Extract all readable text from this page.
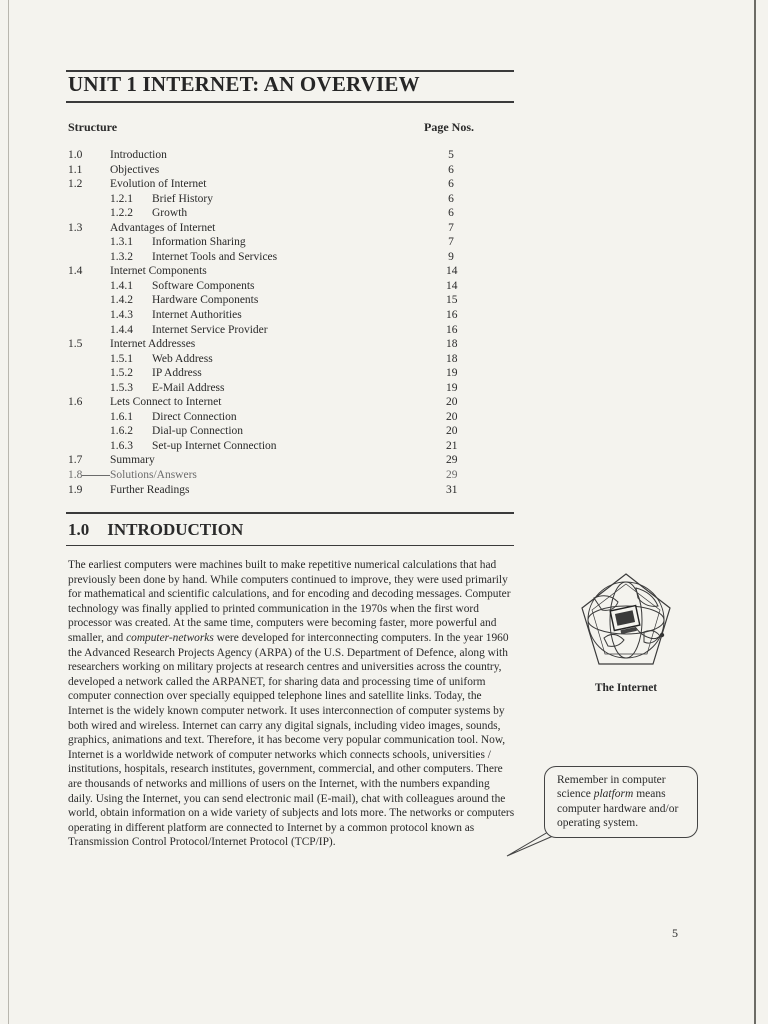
UNIT 1 INTERNET: AN OVERVIEW
Structure	Page Nos.
1.0 Introduction	5
1.1 Objectives	6
1.2 Evolution of Internet	6
1.2.1 Brief History	6
1.2.2 Growth	6
1.3 Advantages of Internet	7
1.3.1 Information Sharing	7
1.3.2 Internet Tools and Services	9
1.4 Internet Components	14
1.4.1 Software Components	14
1.4.2 Hardware Components	15
1.4.3 Internet Authorities	16
1.4.4 Internet Service Provider	16
1.5 Internet Addresses	18
1.5.1 Web Address	18
1.5.2 IP Address	19
1.5.3 E-Mail Address	19
1.6 Lets Connect to Internet	20
1.6.1 Direct Connection	20
1.6.2 Dial-up Connection	20
1.6.3 Set-up Internet Connection	21
1.7 Summary	29
1.8 Solutions/Answers	29
1.9 Further Readings	31
1.0 INTRODUCTION
The earliest computers were machines built to make repetitive numerical calculations that had previously been done by hand. While computers continued to improve, they were used primarily for mathematical and scientific calculations, and for encoding and decoding messages. Computer technology was finally applied to printed communication in the 1970s when the first word processor was created. At the same time, computers were becoming faster, more powerful and smaller, and computer-networks were developed for interconnecting computers. In the year 1960 the Advanced Research Projects Agency (ARPA) of the U.S. Department of Defence, along with researchers working on military projects at research centres and universities across the country, developed a network called the ARPANET, for sharing data and processing time of uniform computer connection over specially equipped telephone lines and satellite links. Today, the Internet is the widely known computer network. It uses interconnection of computer systems by both wired and wireless. Internet can carry any digital signals, including video images, sounds, graphics, animations and text. Therefore, it has become very popular communication tool. Now, Internet is a worldwide network of computer networks which connects schools, universities / institutions, hospitals, research institutes, government, commercial, and other computers. There are thousands of networks and millions of users on the Internet, with the numbers expanding daily. Using the Internet, you can send electronic mail (E-mail), chat with colleagues around the world, obtain information on a wide variety of subjects and lots more. The networks or computers operating in different platform are connected to Internet by a common protocol known as Transmission Control Protocol/Internet Protocol (TCP/IP).
The Internet
Remember in computer science platform means computer hardware and/or operating system.
5
